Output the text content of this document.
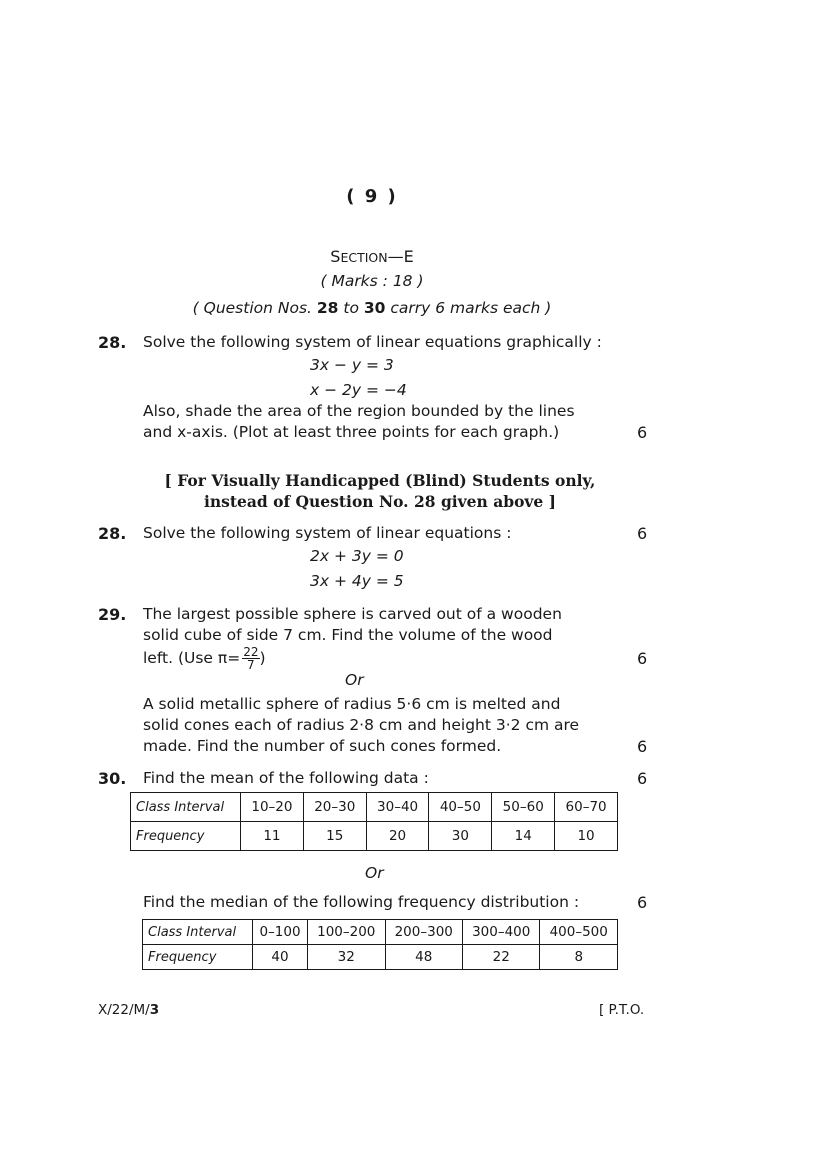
( 9 )
SECTION—E
( Marks : 18 )
( Question Nos. 28 to 30 carry 6 marks each )
28. Solve the following system of linear equations graphically :
3x − y = 3
x − 2y = −4
Also, shade the area of the region bounded by the lines
and x-axis. (Plot at least three points for each graph.)	6
[ For Visually Handicapped (Blind) Students only,
instead of Question No. 28 given above ]
28. Solve the following system of linear equations :	6
2x + 3y = 0
3x + 4y = 5
29. The largest possible sphere is carved out of a wooden
solid cube of side 7 cm. Find the volume of the wood
left. (Use $\pi= \frac{22}{7}$ )	6
Or
A solid metallic sphere of radius 5·6 cm is melted and
solid cones each of radius 2·8 cm and height 3·2 cm are
made. Find the number of such cones formed.	6
30. Find the mean of the following data :	6
Class Interval	10–20	20–30	30–40	40–50	50–60	60–70
Frequency	11	15	20	30	14	10
Or
Find the median of the following frequency distribution :	6
Class Interval	0–100	100–200	200–300	300–400	400–500
Frequency	40	32	48	22	8
X/22/M/3	[ P.T.O.
